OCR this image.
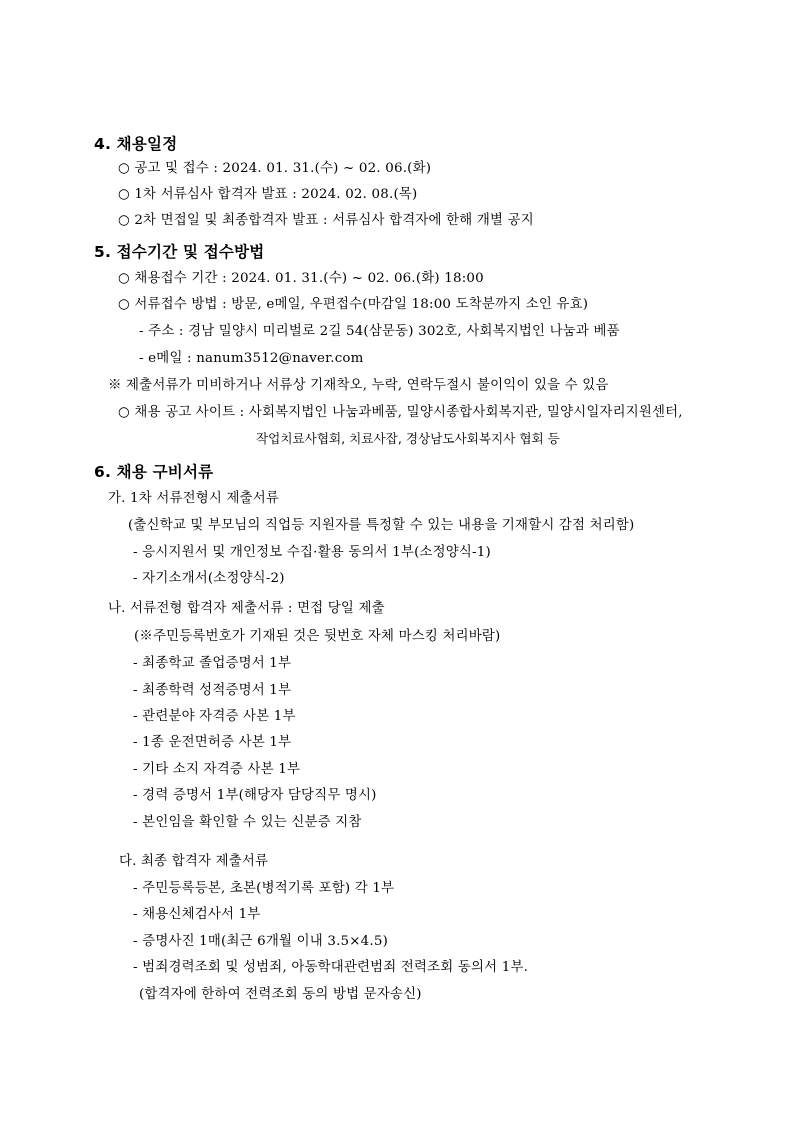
4. 채용일정
○ 공고 및 접수 : 2024. 01. 31.(수) ~ 02. 06.(화)
○ 1차 서류심사 합격자 발표 : 2024. 02. 08.(목)
○ 2차 면접일 및 최종합격자 발표 : 서류심사 합격자에 한해 개별 공지
5. 접수기간 및 접수방법
○ 채용접수 기간 : 2024. 01. 31.(수) ~ 02. 06.(화) 18:00
○ 서류접수 방법 : 방문, e메일, 우편접수(마감일 18:00 도착분까지 소인 유효)
- 주소 : 경남 밀양시 미리벌로 2길 54(삼문동) 302호, 사회복지법인 나눔과 베품
- e메일 : nanum3512@naver.com
※ 제출서류가 미비하거나 서류상 기재착오, 누락, 연락두절시 불이익이 있을 수 있음
○ 채용 공고 사이트 : 사회복지법인 나눔과베품, 밀양시종합사회복지관, 밀양시일자리지원센터,
작업치료사협회, 치료사잡, 경상남도사회복지사 협회 등
6. 채용 구비서류
가. 1차 서류전형시 제출서류
(출신학교 및 부모님의 직업등 지원자를 특정할 수 있는 내용을 기재할시 감점 처리함)
- 응시지원서 및 개인정보 수집·활용 동의서 1부(소정양식-1)
- 자기소개서(소정양식-2)
나. 서류전형 합격자 제출서류 : 면접 당일 제출
(※주민등록번호가 기재된 것은 뒷번호 자체 마스킹 처리바람)
- 최종학교 졸업증명서 1부
- 최종학력 성적증명서 1부
- 관련분야 자격증 사본 1부
- 1종 운전면허증 사본 1부
- 기타 소지 자격증 사본 1부
- 경력 증명서 1부(해당자 담당직무 명시)
- 본인임을 확인할 수 있는 신분증 지참
다. 최종 합격자 제출서류
- 주민등록등본, 초본(병적기록 포함) 각 1부
- 채용신체검사서 1부
- 증명사진 1매(최근 6개월 이내 3.5×4.5)
- 범죄경력조회 및 성범죄, 아동학대관련범죄 전력조회 동의서 1부.
(합격자에 한하여 전력조회 동의 방법 문자송신)
